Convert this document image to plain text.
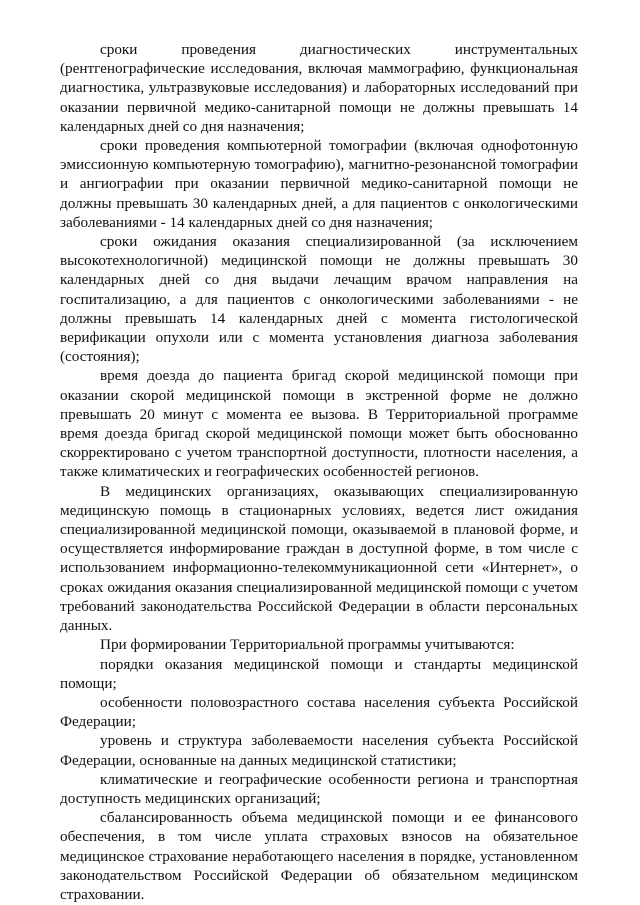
сроки проведения диагностических инструментальных (рентгенографические исследования, включая маммографию, функциональная диагностика, ультразвуковые исследования) и лабораторных исследований при оказании первичной медико-санитарной помощи не должны превышать 14 календарных дней со дня назначения;

сроки проведения компьютерной томографии (включая однофотонную эмиссионную компьютерную томографию), магнитно-резонансной томографии и ангиографии при оказании первичной медико-санитарной помощи не должны превышать 30 календарных дней, а для пациентов с онкологическими заболеваниями - 14 календарных дней со дня назначения;

сроки ожидания оказания специализированной (за исключением высокотехнологичной) медицинской помощи не должны превышать 30 календарных дней со дня выдачи лечащим врачом направления на госпитализацию, а для пациентов с онкологическими заболеваниями - не должны превышать 14 календарных дней с момента гистологической верификации опухоли или с момента установления диагноза заболевания (состояния);

время доезда до пациента бригад скорой медицинской помощи при оказании скорой медицинской помощи в экстренной форме не должно превышать 20 минут с момента ее вызова. В Территориальной программе время доезда бригад скорой медицинской помощи может быть обоснованно скорректировано с учетом транспортной доступности, плотности населения, а также климатических и географических особенностей регионов.

В медицинских организациях, оказывающих специализированную медицинскую помощь в стационарных условиях, ведется лист ожидания специализированной медицинской помощи, оказываемой в плановой форме, и осуществляется информирование граждан в доступной форме, в том числе с использованием информационно-телекоммуникационной сети «Интернет», о сроках ожидания оказания специализированной медицинской помощи с учетом требований законодательства Российской Федерации в области персональных данных.

При формировании Территориальной программы учитываются:

порядки оказания медицинской помощи и стандарты медицинской помощи;

особенности половозрастного состава населения субъекта Российской Федерации;

уровень и структура заболеваемости населения субъекта Российской Федерации, основанные на данных медицинской статистики;

климатические и географические особенности региона и транспортная доступность медицинских организаций;

сбалансированность объема медицинской помощи и ее финансового обеспечения, в том числе уплата страховых взносов на обязательное медицинское страхование неработающего населения в порядке, установленном законодательством Российской Федерации об обязательном медицинском страховании.
